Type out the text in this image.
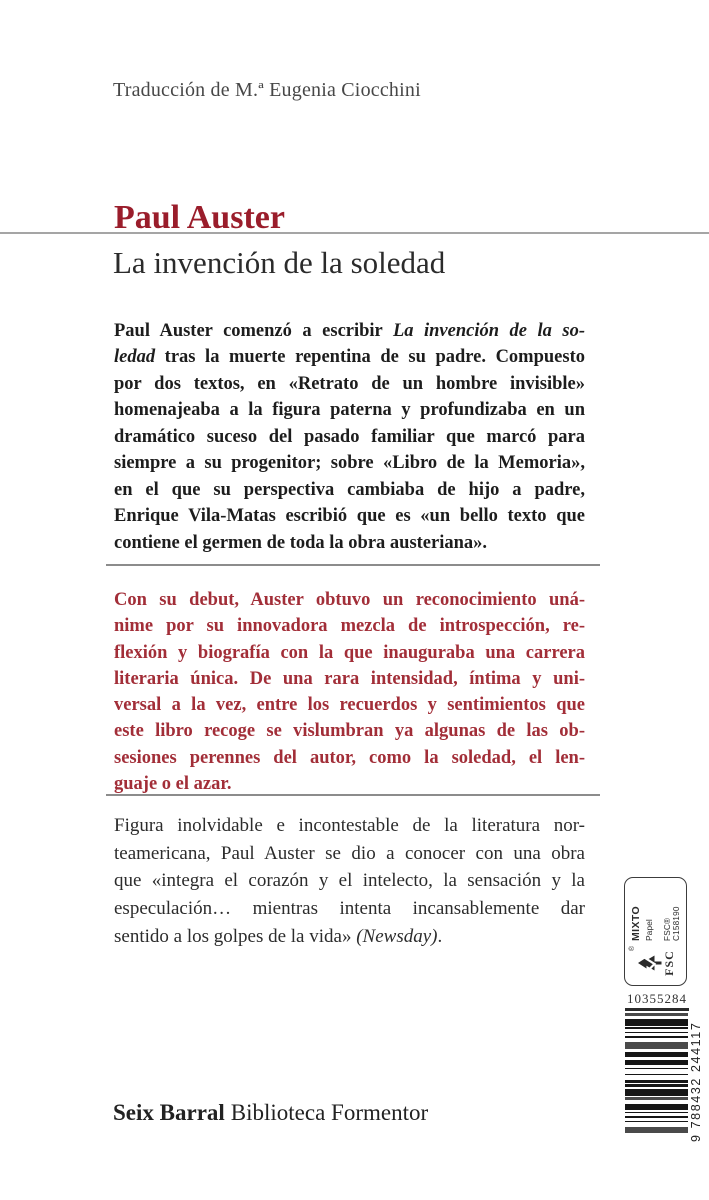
Traducción de M.ª Eugenia Ciocchini
Paul Auster
La invención de la soledad
Paul Auster comenzó a escribir La invención de la so-
ledad tras la muerte repentina de su padre. Compuesto
por dos textos, en «Retrato de un hombre invisible»
homenajeaba a la figura paterna y profundizaba en un
dramático suceso del pasado familiar que marcó para
siempre a su progenitor; sobre «Libro de la Memoria»,
en el que su perspectiva cambiaba de hijo a padre,
Enrique Vila-Matas escribió que es «un bello texto que
contiene el germen de toda la obra austeriana».
Con su debut, Auster obtuvo un reconocimiento uná-
nime por su innovadora mezcla de introspección, re-
flexión y biografía con la que inauguraba una carrera
literaria única. De una rara intensidad, íntima y uni-
versal a la vez, entre los recuerdos y sentimientos que
este libro recoge se vislumbran ya algunas de las ob-
sesiones perennes del autor, como la soledad, el len-
guaje o el azar.
Figura inolvidable e incontestable de la literatura nor-
teamericana, Paul Auster se dio a conocer con una obra
que «integra el corazón y el intelecto, la sensación y la
especulación… mientras intenta incansablemente dar
sentido a los golpes de la vida» (Newsday).
®
FSC
MIXTO Papel FSC® C158190
10355284
9 788432 244117
Seix Barral Biblioteca Formentor
